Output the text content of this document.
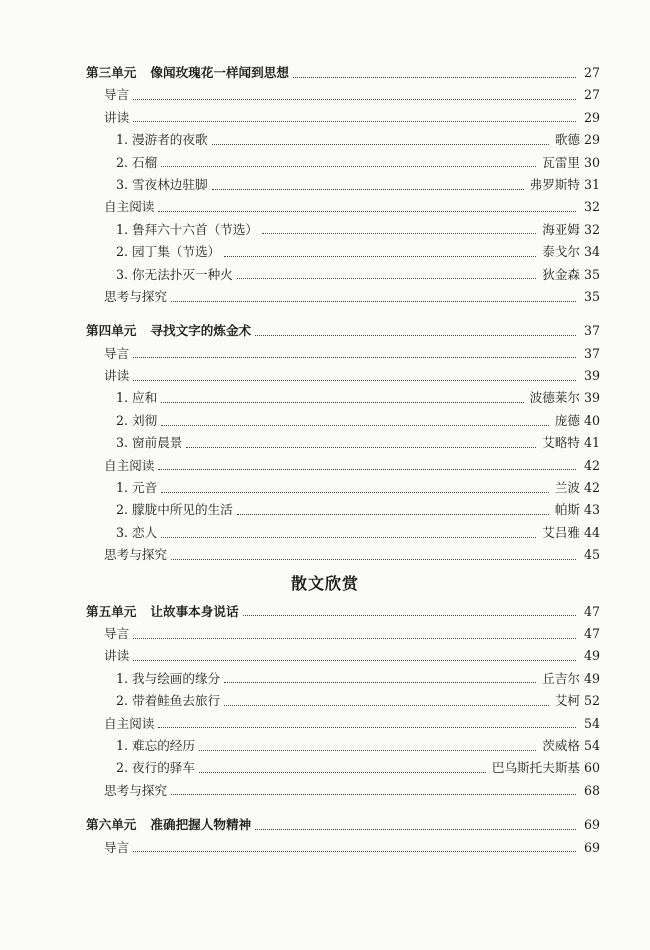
第三单元 像闻玫瑰花一样闻到思想	27
导言	27
讲读	29
1. 漫游者的夜歌	歌德 29
2. 石榴	瓦雷里 30
3. 雪夜林边驻脚	弗罗斯特 31
自主阅读	32
1. 鲁拜六十六首（节选）	海亚姆 32
2. 园丁集（节选）	泰戈尔 34
3. 你无法扑灭一种火	狄金森 35
思考与探究	35
第四单元 寻找文字的炼金术	37
导言	37
讲读	39
1. 应和	波德莱尔 39
2. 刘彻	庞德 40
3. 窗前晨景	艾略特 41
自主阅读	42
1. 元音	兰波 42
2. 朦胧中所见的生活	帕斯 43
3. 恋人	艾吕雅 44
思考与探究	45
散文欣赏
第五单元 让故事本身说话	47
导言	47
讲读	49
1. 我与绘画的缘分	丘吉尔 49
2. 带着鲑鱼去旅行	艾柯 52
自主阅读	54
1. 难忘的经历	茨威格 54
2. 夜行的驿车	巴乌斯托夫斯基 60
思考与探究	68
第六单元 准确把握人物精神	69
导言	69
